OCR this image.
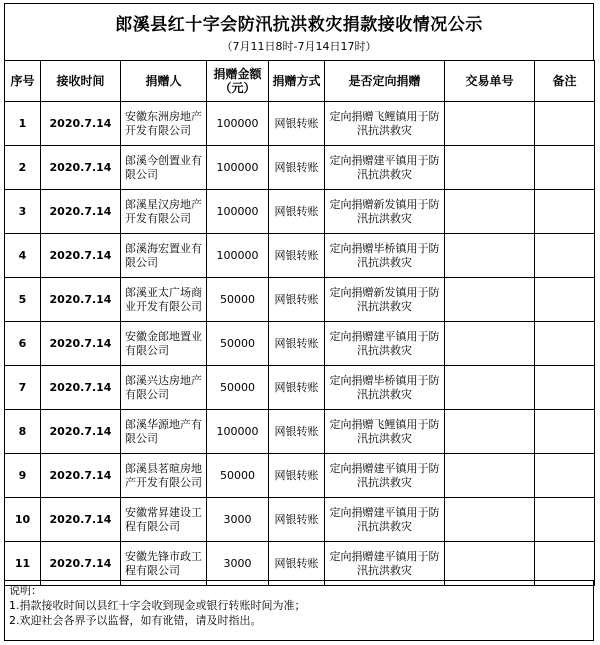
郎溪县红十字会防汛抗洪救灾捐款接收情况公示
（7月11日8时-7月14日17时）
序号	接收时间	捐赠人	捐赠金额（元）	捐赠方式	是否定向捐赠	交易单号	备注
1	2020.7.14	安徽东洲房地产开发有限公司	100000	网银转账	定向捐赠飞鲤镇用于防汛抗洪救灾		
2	2020.7.14	郎溪今创置业有限公司	100000	网银转账	定向捐赠建平镇用于防汛抗洪救灾		
3	2020.7.14	郎溪星汉房地产开发有限公司	100000	网银转账	定向捐赠新发镇用于防汛抗洪救灾		
4	2020.7.14	郎溪海宏置业有限公司	100000	网银转账	定向捐赠毕桥镇用于防汛抗洪救灾		
5	2020.7.14	郎溪亚太广场商业开发有限公司	50000	网银转账	定向捐赠新发镇用于防汛抗洪救灾		
6	2020.7.14	安徽金郎地置业有限公司	50000	网银转账	定向捐赠建平镇用于防汛抗洪救灾		
7	2020.7.14	郎溪兴达房地产有限公司	50000	网银转账	定向捐赠毕桥镇用于防汛抗洪救灾		
8	2020.7.14	郎溪华源地产有限公司	100000	网银转账	定向捐赠飞鲤镇用于防汛抗洪救灾		
9	2020.7.14	郎溪县茗暄房地产开发有限公司	50000	网银转账	定向捐赠建平镇用于防汛抗洪救灾		
10	2020.7.14	安徽常昇建设工程有限公司	3000	网银转账	定向捐赠建平镇用于防汛抗洪救灾		
11	2020.7.14	安徽先锋市政工程有限公司	3000	网银转账	定向捐赠建平镇用于防汛抗洪救灾		
说明：
1.捐款接收时间以县红十字会收到现金或银行转账时间为准；
2.欢迎社会各界予以监督，如有讹错，请及时指出。
